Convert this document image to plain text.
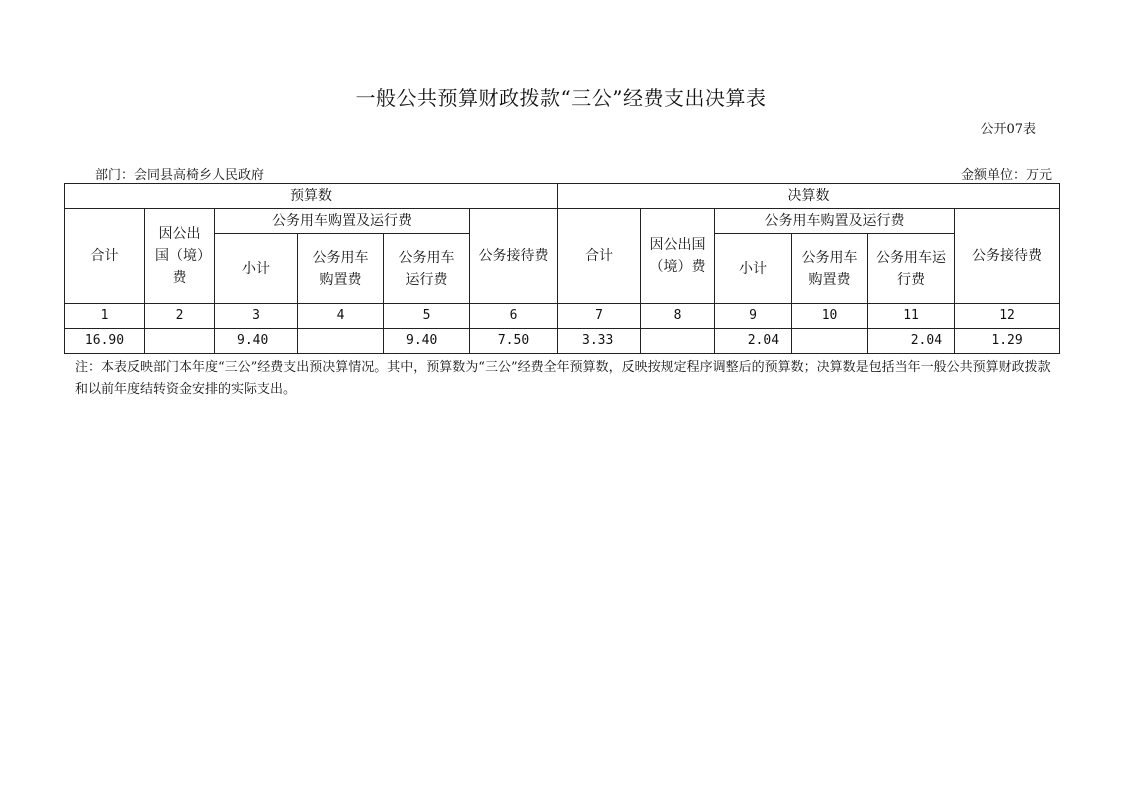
一般公共预算财政拨款“三公”经费支出决算表
公开07表
部门：会同县高椅乡人民政府	金额单位：万元
预算数						决算数					
合计	因公出国（境）费	公务用车购置及运行费			公务接待费	合计	因公出国（境）费	公务用车购置及运行费			公务接待费
		小计	公务用车购置费	公务用车运行费				小计	公务用车购置费	公务用车运行费	
1	2	3	4	5	6	7	8	9	10	11	12
16.90		9.40		9.40	7.50	3.33		2.04		2.04	1.29
注：本表反映部门本年度“三公”经费支出预决算情况。其中，预算数为“三公”经费全年预算数，反映按规定程序调整后的预算数；决算数是包括当年一般公共预算财政拨款和以前年度结转资金安排的实际支出。
